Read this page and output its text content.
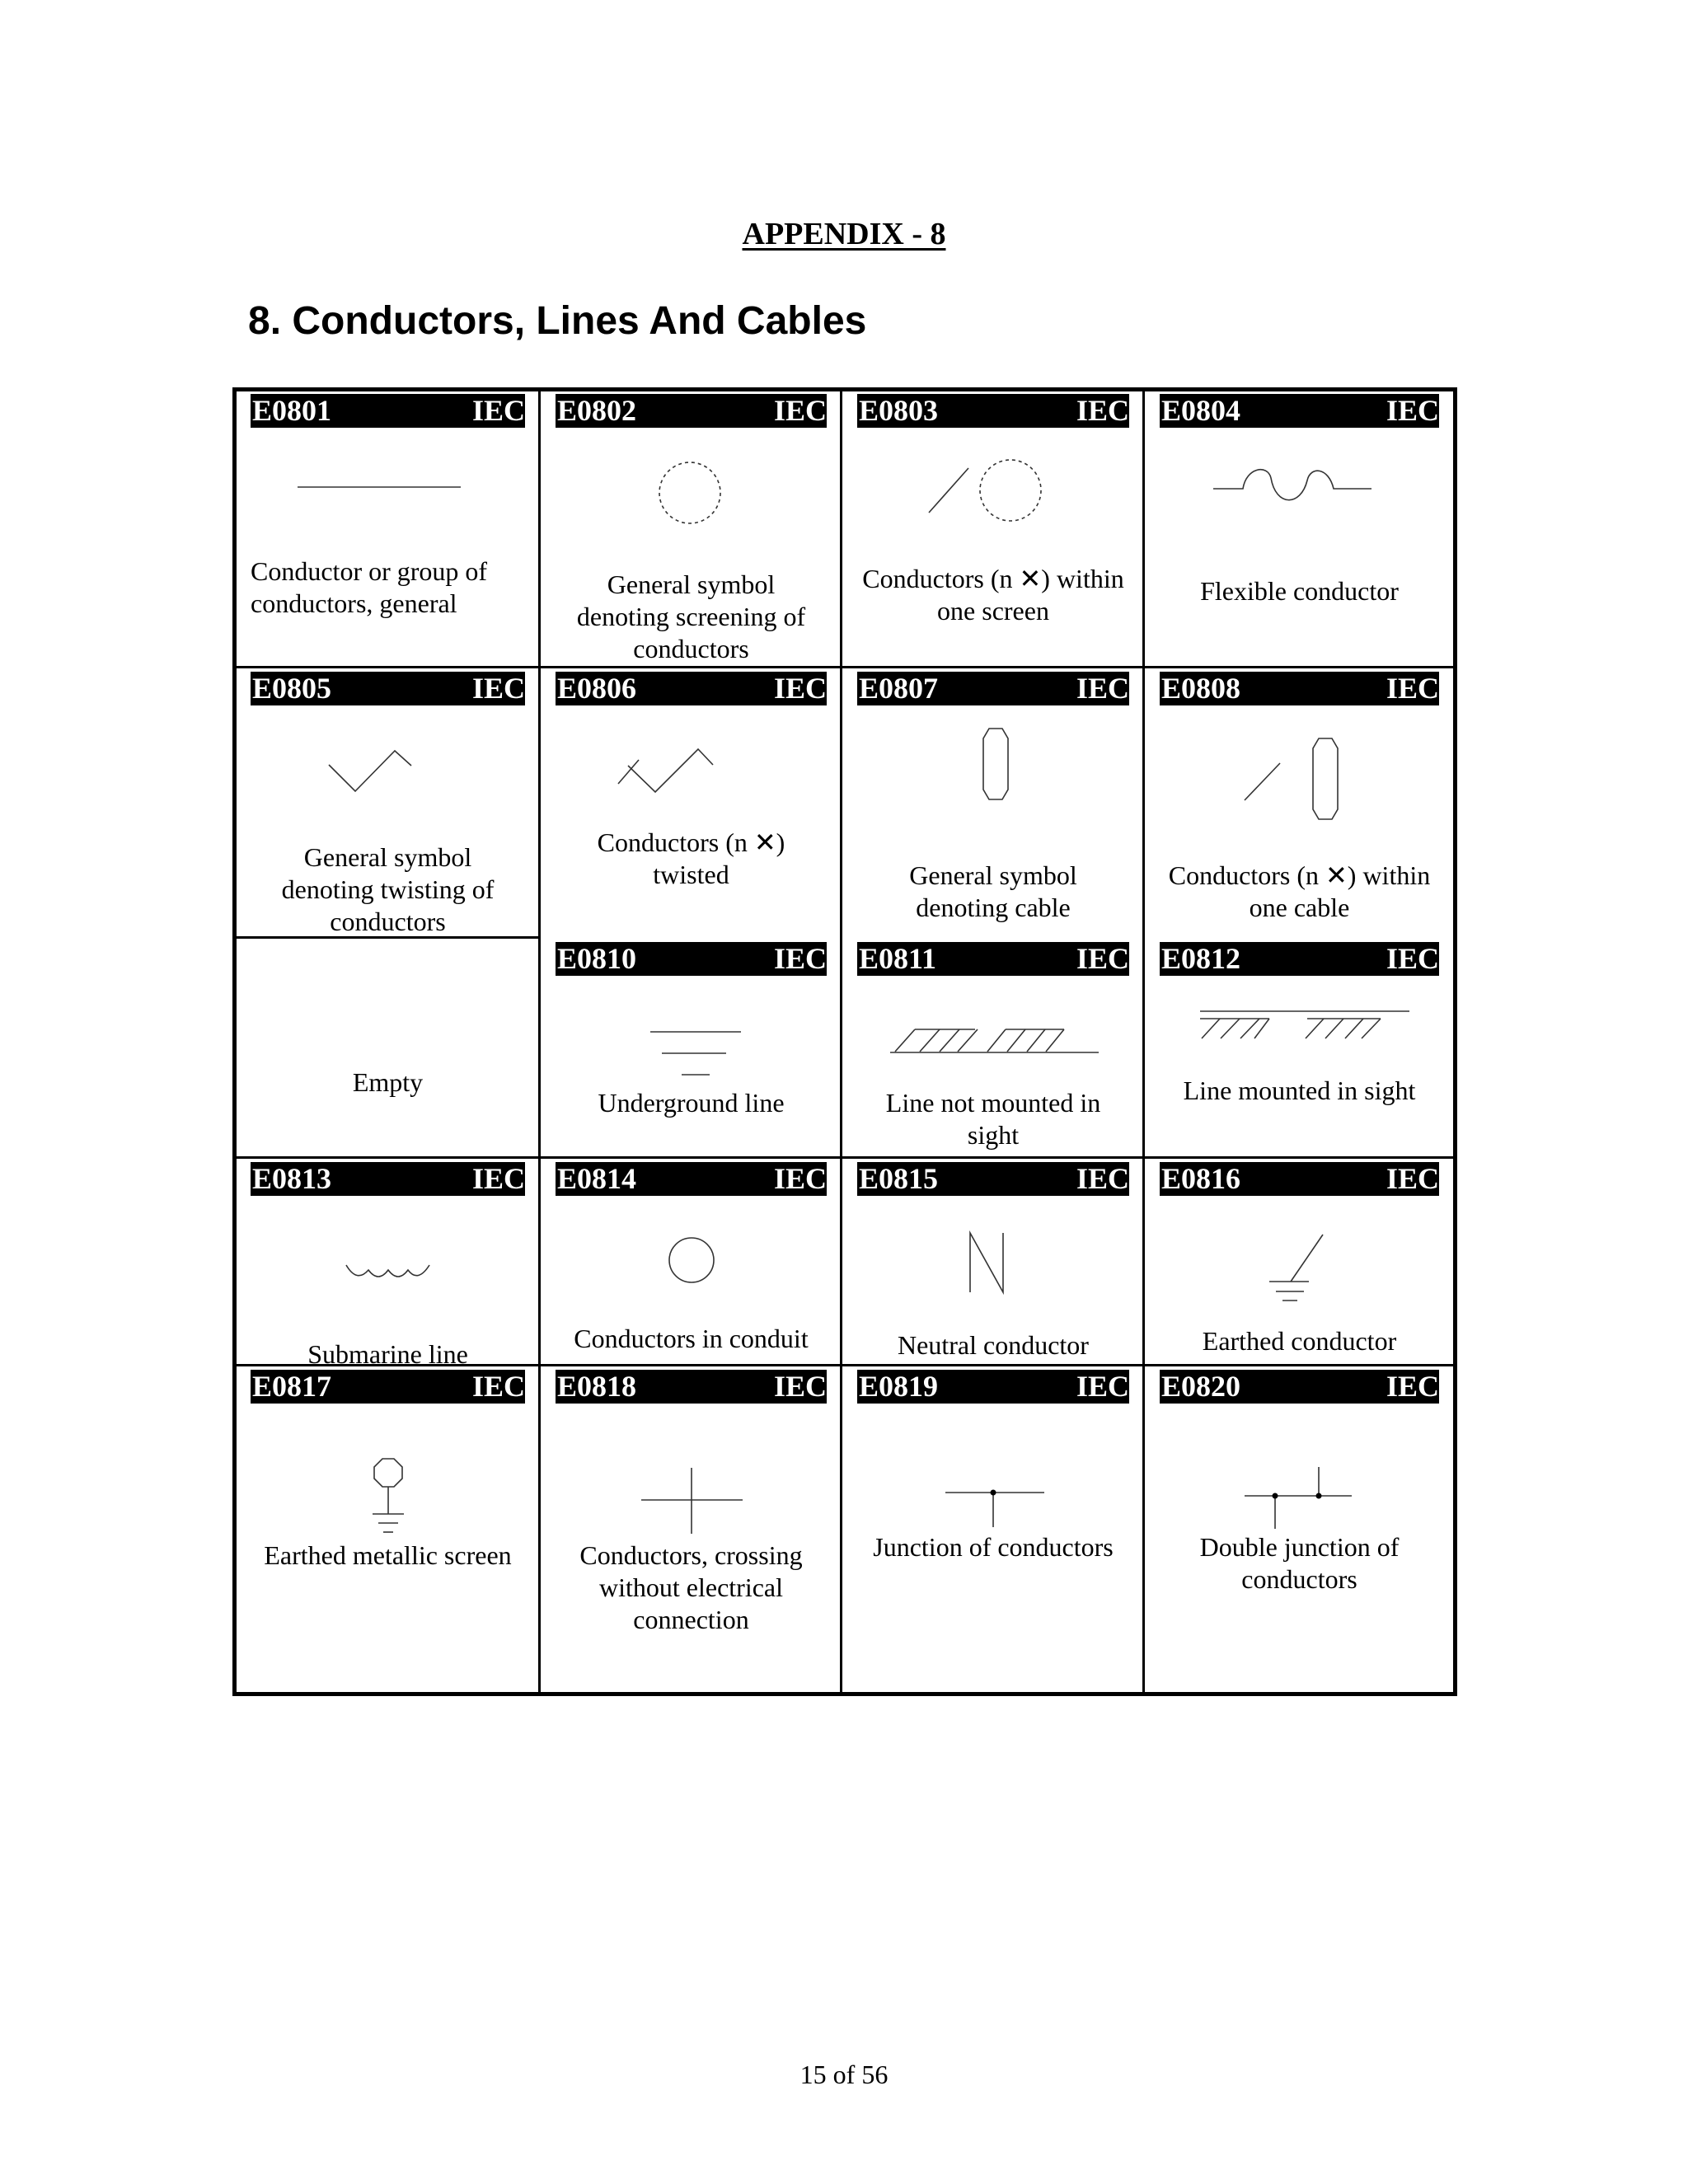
APPENDIX - 8
8. Conductors, Lines And Cables
E0801	IEC
Conductor or group of
conductors, general
E0802	IEC
General symbol
denoting screening of
conductors
E0803	IEC
Conductors (n ✕) within
one screen
E0804	IEC
Flexible conductor
E0805	IEC
General symbol
denoting twisting of
conductors
E0806	IEC
Conductors (n ✕)
twisted
E0807	IEC
General symbol
denoting cable
E0808	IEC
Conductors (n ✕) within
one cable
Empty
E0810	IEC
Underground line
E0811	IEC
Line not mounted in
sight
E0812	IEC
Line mounted in sight
E0813	IEC
Submarine line
E0814	IEC
Conductors in conduit
E0815	IEC
Neutral conductor
E0816	IEC
Earthed conductor
E0817	IEC
Earthed metallic screen
E0818	IEC
Conductors, crossing
without electrical
connection
E0819	IEC
Junction of conductors
E0820	IEC
Double junction of
conductors
15 of 56
